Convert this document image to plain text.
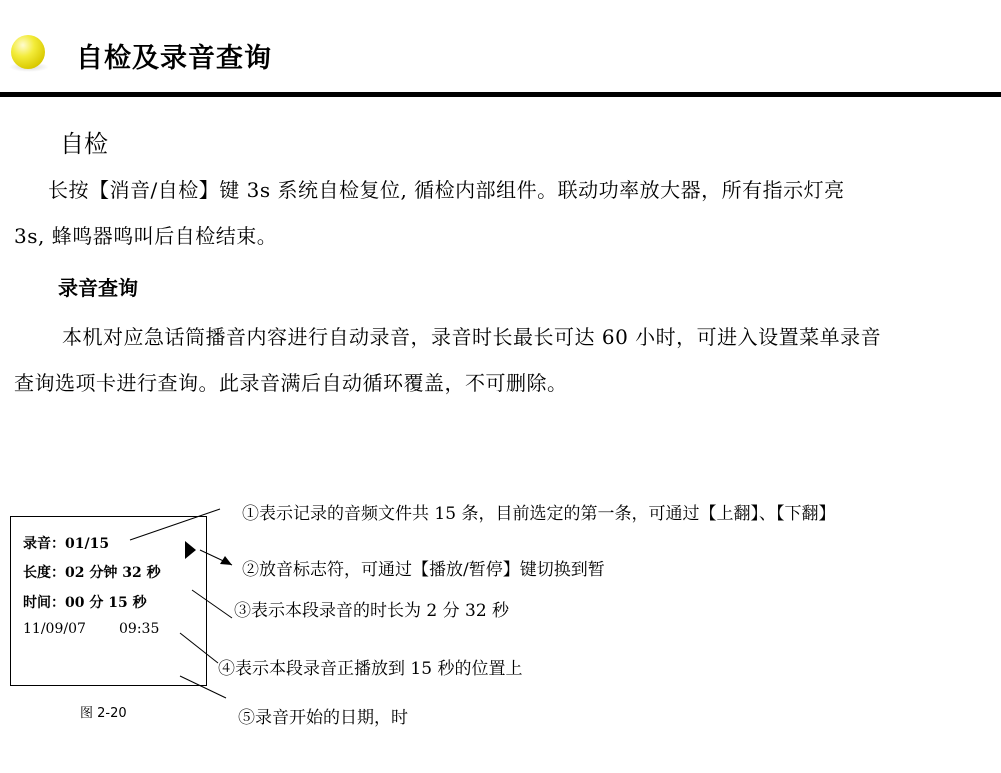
自检及录音查询
自检
长按【消音/自检】键 3s 系统自检复位, 循检内部组件。联动功率放大器，所有指示灯亮
3s, 蜂鸣器鸣叫后自检结束。
录音查询
本机对应急话筒播音内容进行自动录音，录音时长最长可达 60 小时，可进入设置菜单录音
查询选项卡进行查询。此录音满后自动循环覆盖，不可删除。
录音：01/15
长度：02 分钟 32 秒
时间：00 分 15 秒
11/09/07 09:35
图 2-20
①表示记录的音频文件共 15 条，目前选定的第一条，可通过【上翻】、【下翻】
②放音标志符，可通过【播放/暂停】键切换到暂
③表示本段录音的时长为 2 分 32 秒
④表示本段录音正播放到 15 秒的位置上
⑤录音开始的日期，时
